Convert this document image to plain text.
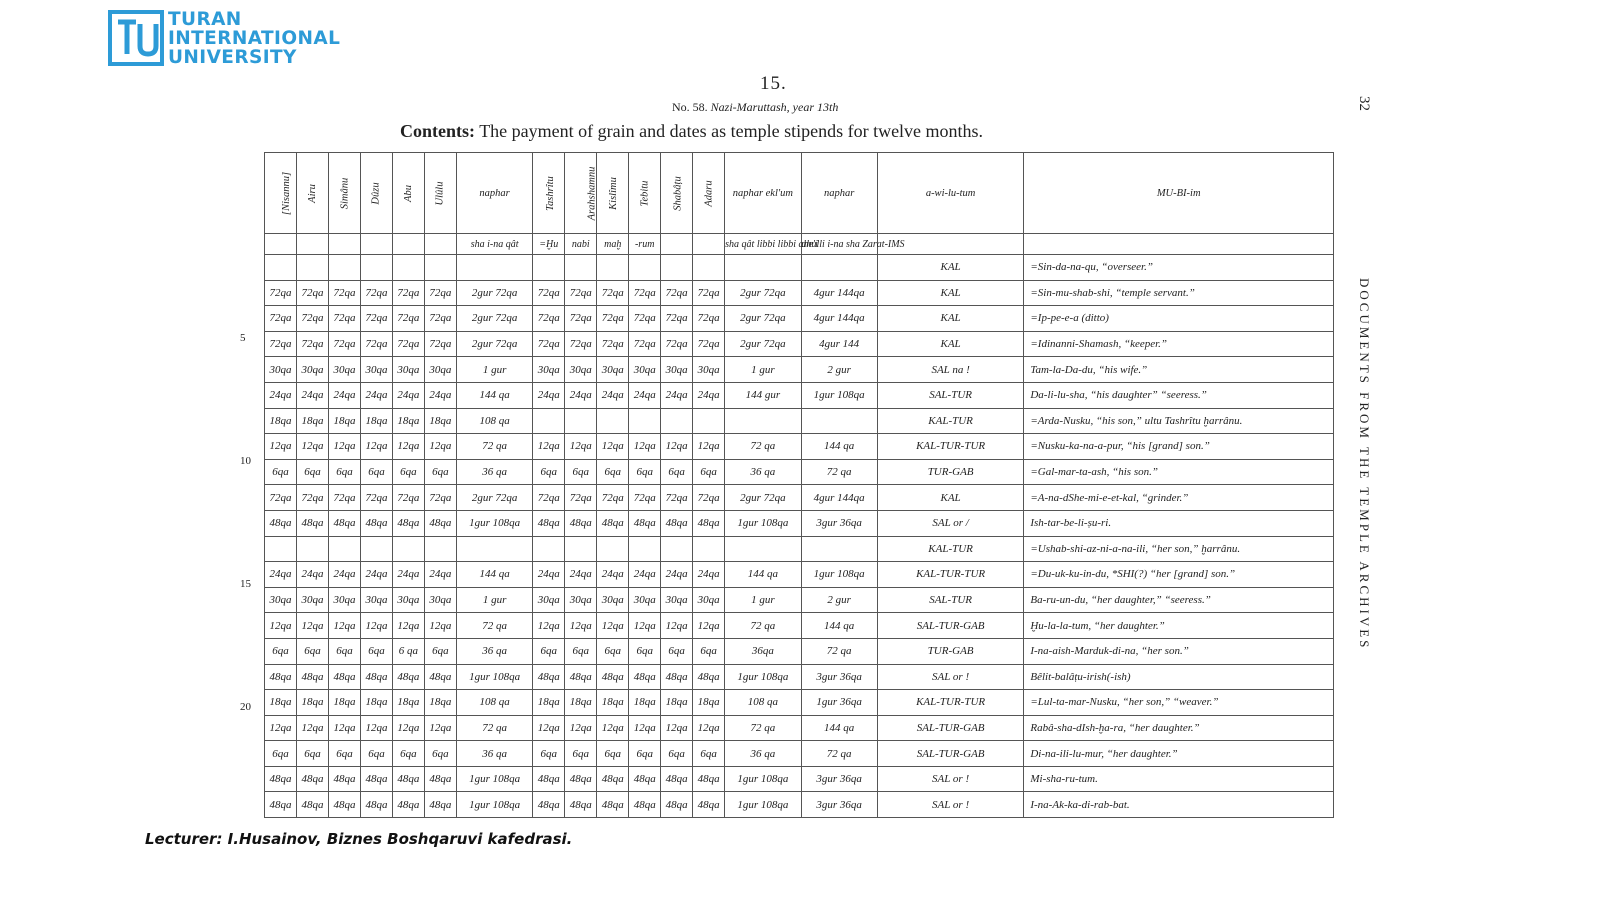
TURAN
INTERNATIONAL
UNIVERSITY
15.
No. 58. Nazi-Maruttash, year 13th
Contents: The payment of grain and dates as temple stipends for twelve months.
32
DOCUMENTS FROM THE TEMPLE ARCHIVES
[Nisannu]	Airu	Simânu	Dûzu	Abu	Ulûlu	naphar	Tashrîtu	Arahshamnu	Kislîmu	Tebitu	Shabâṭu	Adaru	naphar ekl'um	naphar	a-wi-lu-tum	MU-BI-im
						sha i-na qât	=Ḫu	nabi	maḫ	-rum			sha qât libbi libbi ahe'i	ahulli i-na sha Zarat-IMS		
															KAL	=Sin-da-na-qu, “overseer.”
72qa	72qa	72qa	72qa	72qa	72qa	2gur 72qa	72qa	72qa	72qa	72qa	72qa	72qa	2gur 72qa	4gur 144qa	KAL	=Sin-mu-shab-shi, “temple servant.”
72qa	72qa	72qa	72qa	72qa	72qa	2gur 72qa	72qa	72qa	72qa	72qa	72qa	72qa	2gur 72qa	4gur 144qa	KAL	=Ip-pe-e-a (ditto)
72qa	72qa	72qa	72qa	72qa	72qa	2gur 72qa	72qa	72qa	72qa	72qa	72qa	72qa	2gur 72qa	4gur 144	KAL	=Idinanni-Shamash, “keeper.”
30qa	30qa	30qa	30qa	30qa	30qa	1 gur	30qa	30qa	30qa	30qa	30qa	30qa	1 gur	2 gur	SAL na !	Tam-la-Da-du, “his wife.”
24qa	24qa	24qa	24qa	24qa	24qa	144 qa	24qa	24qa	24qa	24qa	24qa	24qa	144 gur	1gur 108qa	SAL-TUR	Da-li-lu-sha, “his daughter” “seeress.”
18qa	18qa	18qa	18qa	18qa	18qa	108 qa									KAL-TUR	=Arda-Nusku, “his son,” ultu Tashrîtu ḫarrânu.
12qa	12qa	12qa	12qa	12qa	12qa	72 qa	12qa	12qa	12qa	12qa	12qa	12qa	72 qa	144 qa	KAL-TUR-TUR	=Nusku-ka-na-a-pur, “his [grand] son.”
6qa	6qa	6qa	6qa	6qa	6qa	36 qa	6qa	6qa	6qa	6qa	6qa	6qa	36 qa	72 qa	TUR-GAB	=Gal-mar-ta-ash, “his son.”
72qa	72qa	72qa	72qa	72qa	72qa	2gur 72qa	72qa	72qa	72qa	72qa	72qa	72qa	2gur 72qa	4gur 144qa	KAL	=A-na-dShe-mi-e-et-kal, “grinder.”
48qa	48qa	48qa	48qa	48qa	48qa	1gur 108qa	48qa	48qa	48qa	48qa	48qa	48qa	1gur 108qa	3gur 36qa	SAL or /	Ish-tar-be-li-ṣu-ri.
															KAL-TUR	=Ushab-shi-az-ni-a-na-ili, “her son,” ḫarrânu.
24qa	24qa	24qa	24qa	24qa	24qa	144 qa	24qa	24qa	24qa	24qa	24qa	24qa	144 qa	1gur 108qa	KAL-TUR-TUR	=Du-uk-ku-in-du, *SHI(?) “her [grand] son.”
30qa	30qa	30qa	30qa	30qa	30qa	1 gur	30qa	30qa	30qa	30qa	30qa	30qa	1 gur	2 gur	SAL-TUR	Ba-ru-un-du, “her daughter,” “seeress.”
12qa	12qa	12qa	12qa	12qa	12qa	72 qa	12qa	12qa	12qa	12qa	12qa	12qa	72 qa	144 qa	SAL-TUR-GAB	Ḫu-la-la-tum, “her daughter.”
6qa	6qa	6qa	6qa	6 qa	6qa	36 qa	6qa	6qa	6qa	6qa	6qa	6qa	36qa	72 qa	TUR-GAB	I-na-aish-Marduk-di-na, “her son.”
48qa	48qa	48qa	48qa	48qa	48qa	1gur 108qa	48qa	48qa	48qa	48qa	48qa	48qa	1gur 108qa	3gur 36qa	SAL or !	Bêlit-balâṭu-irish(-ish)
18qa	18qa	18qa	18qa	18qa	18qa	108 qa	18qa	18qa	18qa	18qa	18qa	18qa	108 qa	1gur 36qa	KAL-TUR-TUR	=Lul-ta-mar-Nusku, “her son,” “weaver.”
12qa	12qa	12qa	12qa	12qa	12qa	72 qa	12qa	12qa	12qa	12qa	12qa	12qa	72 qa	144 qa	SAL-TUR-GAB	Rabâ-sha-dIsh-ḫa-ra, “her daughter.”
6qa	6qa	6qa	6qa	6qa	6qa	36 qa	6qa	6qa	6qa	6qa	6qa	6qa	36 qa	72 qa	SAL-TUR-GAB	Di-na-ili-lu-mur, “her daughter.”
48qa	48qa	48qa	48qa	48qa	48qa	1gur 108qa	48qa	48qa	48qa	48qa	48qa	48qa	1gur 108qa	3gur 36qa	SAL or !	Mi-sha-ru-tum.
48qa	48qa	48qa	48qa	48qa	48qa	1gur 108qa	48qa	48qa	48qa	48qa	48qa	48qa	1gur 108qa	3gur 36qa	SAL or !	I-na-Ak-ka-di-rab-bat.
5
10
15
20
Lecturer: I.Husainov, Biznes Boshqaruvi kafedrasi.
